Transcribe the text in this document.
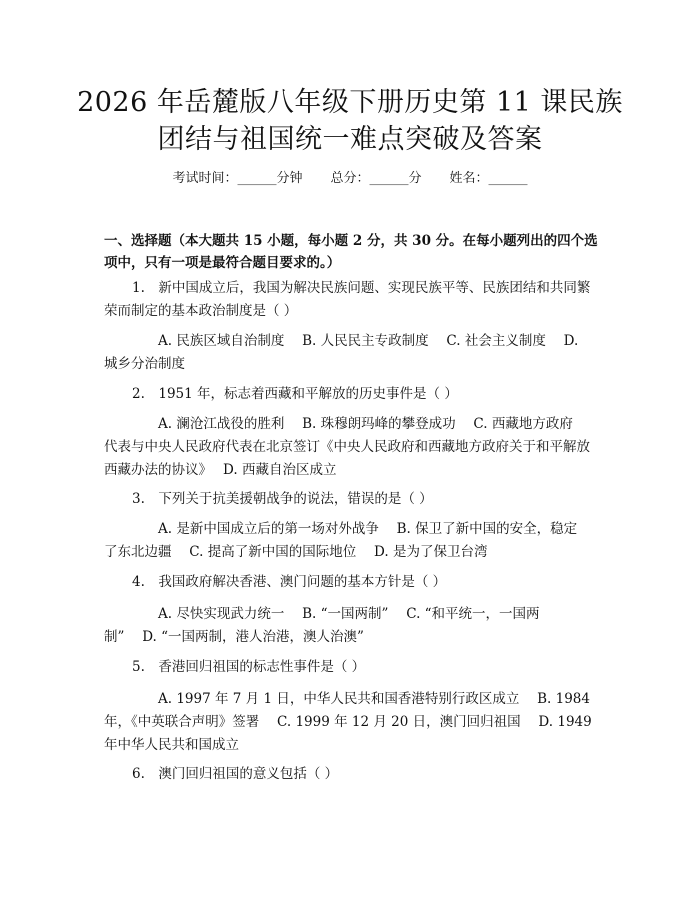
2026 年岳麓版八年级下册历史第 11 课民族
团结与祖国统一难点突破及答案
考试时间：______分钟 总分：______分 姓名：______
一、选择题（本大题共 15 小题，每小题 2 分，共 30 分。在每小题列出的四个选
项中，只有一项是最符合题目要求的。）
1.　新中国成立后，我国为解决民族问题、实现民族平等、民族团结和共同繁
荣而制定的基本政治制度是（ ）
A. 民族区域自治制度　 B. 人民民主专政制度　 C. 社会主义制度　 D.
城乡分治制度
2.　1951 年，标志着西藏和平解放的历史事件是（ ）
A. 澜沧江战役的胜利　 B. 珠穆朗玛峰的攀登成功　 C. 西藏地方政府
代表与中央人民政府代表在北京签订《中央人民政府和西藏地方政府关于和平解放
西藏办法的协议》　 D. 西藏自治区成立
3.　下列关于抗美援朝战争的说法，错误的是（ ）
A. 是新中国成立后的第一场对外战争　 B. 保卫了新中国的安全，稳定
了东北边疆　 C. 提高了新中国的国际地位　 D. 是为了保卫台湾
4.　我国政府解决香港、澳门问题的基本方针是（ ）
A. 尽快实现武力统一　 B. “一国两制”　 C. “和平统一，一国两
制”　 D. “一国两制，港人治港，澳人治澳”
5.　香港回归祖国的标志性事件是（ ）
A. 1997 年 7 月 1 日，中华人民共和国香港特别行政区成立　 B. 1984
年，《中英联合声明》签署　 C. 1999 年 12 月 20 日，澳门回归祖国　 D. 1949
年中华人民共和国成立
6.　澳门回归祖国的意义包括（ ）
